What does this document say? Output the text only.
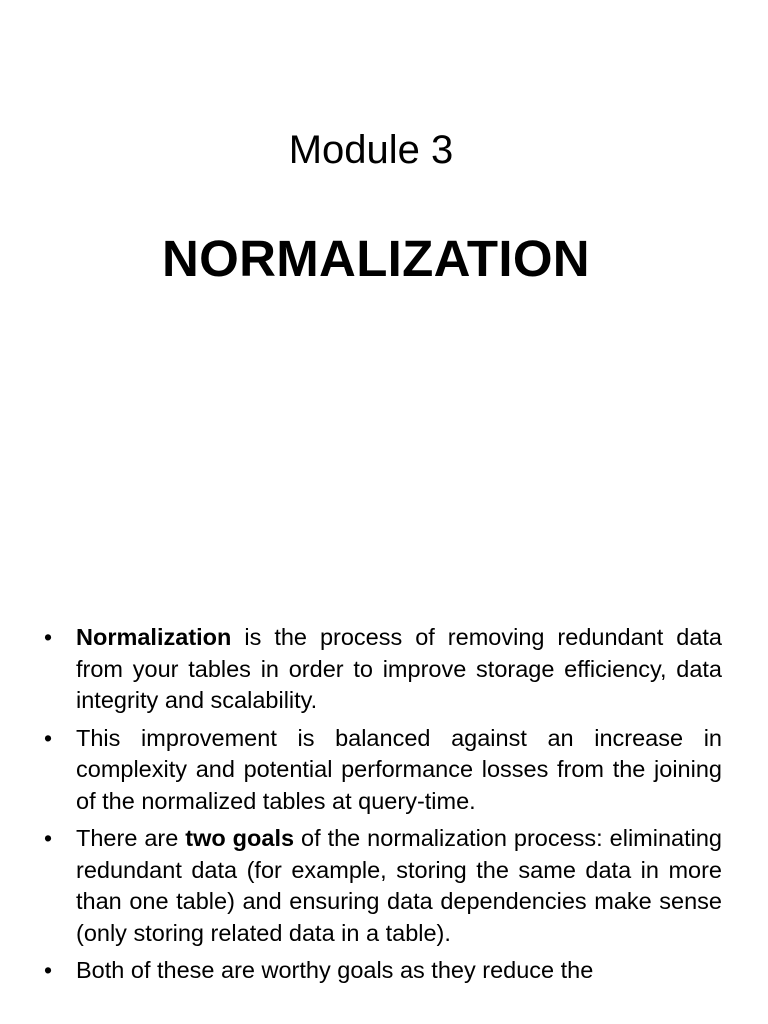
Module 3
NORMALIZATION
• Normalization is the process of removing redundant data from your tables in order to improve storage efficiency, data integrity and scalability.
• This improvement is balanced against an increase in complexity and potential performance losses from the joining of the normalized tables at query-time.
• There are two goals of the normalization process: eliminating redundant data (for example, storing the same data in more than one table) and ensuring data dependencies make sense (only storing related data in a table).
• Both of these are worthy goals as they reduce the
